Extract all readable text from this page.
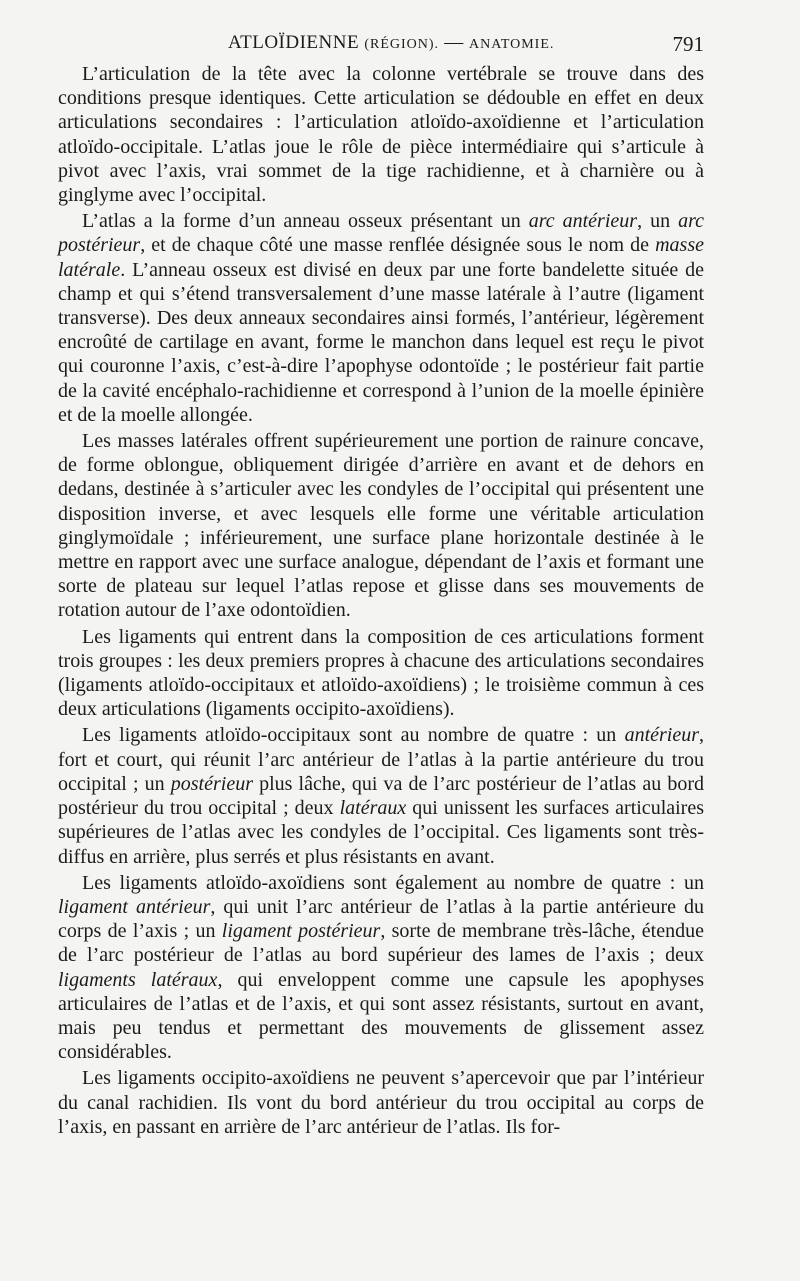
ATLOÏDIENNE (RÉGION). — ANATOMIE.	791

L’articulation de la tête avec la colonne vertébrale se trouve dans des conditions presque identiques. Cette articulation se dédouble en effet en deux articulations secondaires : l’articulation atloïdo-axoïdienne et l’articulation atloïdo-occipitale. L’atlas joue le rôle de pièce intermédiaire qui s’articule à pivot avec l’axis, vrai sommet de la tige rachidienne, et à charnière ou à ginglyme avec l’occipital.

L’atlas a la forme d’un anneau osseux présentant un arc antérieur, un arc postérieur, et de chaque côté une masse renflée désignée sous le nom de masse latérale. L’anneau osseux est divisé en deux par une forte bandelette située de champ et qui s’étend transversalement d’une masse latérale à l’autre (ligament transverse). Des deux anneaux secondaires ainsi formés, l’antérieur, légèrement encroûté de cartilage en avant, forme le manchon dans lequel est reçu le pivot qui couronne l’axis, c’est-à-dire l’apophyse odontoïde ; le postérieur fait partie de la cavité encéphalo-rachidienne et correspond à l’union de la moelle épinière et de la moelle allongée.

Les masses latérales offrent supérieurement une portion de rainure concave, de forme oblongue, obliquement dirigée d’arrière en avant et de dehors en dedans, destinée à s’articuler avec les condyles de l’occipital qui présentent une disposition inverse, et avec lesquels elle forme une véritable articulation ginglymoïdale ; inférieurement, une surface plane horizontale destinée à le mettre en rapport avec une surface analogue, dépendant de l’axis et formant une sorte de plateau sur lequel l’atlas repose et glisse dans ses mouvements de rotation autour de l’axe odontoïdien.

Les ligaments qui entrent dans la composition de ces articulations forment trois groupes : les deux premiers propres à chacune des articulations secondaires (ligaments atloïdo-occipitaux et atloïdo-axoïdiens) ; le troisième commun à ces deux articulations (ligaments occipito-axoïdiens).

Les ligaments atloïdo-occipitaux sont au nombre de quatre : un antérieur, fort et court, qui réunit l’arc antérieur de l’atlas à la partie antérieure du trou occipital ; un postérieur plus lâche, qui va de l’arc postérieur de l’atlas au bord postérieur du trou occipital ; deux latéraux qui unissent les surfaces articulaires supérieures de l’atlas avec les condyles de l’occipital. Ces ligaments sont très-diffus en arrière, plus serrés et plus résistants en avant.

Les ligaments atloïdo-axoïdiens sont également au nombre de quatre : un ligament antérieur, qui unit l’arc antérieur de l’atlas à la partie antérieure du corps de l’axis ; un ligament postérieur, sorte de membrane très-lâche, étendue de l’arc postérieur de l’atlas au bord supérieur des lames de l’axis ; deux ligaments latéraux, qui enveloppent comme une capsule les apophyses articulaires de l’atlas et de l’axis, et qui sont assez résistants, surtout en avant, mais peu tendus et permettant des mouvements de glissement assez considérables.

Les ligaments occipito-axoïdiens ne peuvent s’apercevoir que par l’intérieur du canal rachidien. Ils vont du bord antérieur du trou occipital au corps de l’axis, en passant en arrière de l’arc antérieur de l’atlas. Ils for-
